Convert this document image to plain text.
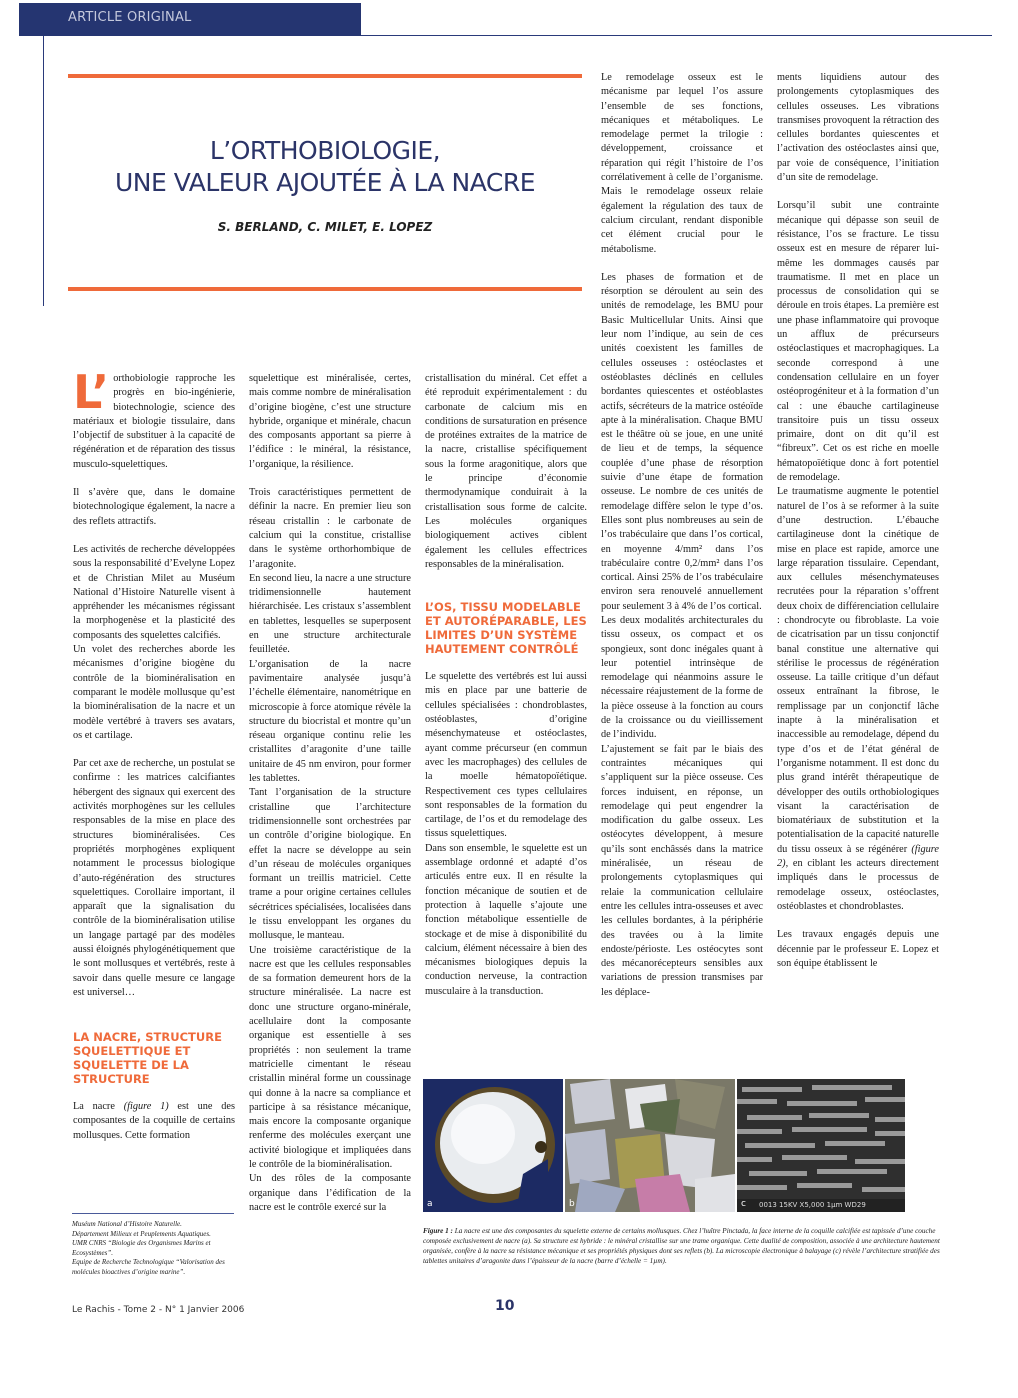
ARTICLE ORIGINAL
L’ORTHOBIOLOGIE,
UNE VALEUR AJOUTÉE À LA NACRE
S. BERLAND, C. MILET, E. LOPEZ

L’ orthobiologie rapproche les progrès en bio-ingénierie, biotechnologie, science des matériaux et biologie tissulaire, dans l’objectif de substituer à la capacité de régénération et de réparation des tissus musculo-squelettiques.

Il s’avère que, dans le domaine biotechnologique également, la nacre a des reflets attractifs.

Les activités de recherche développées sous la responsabilité d’Evelyne Lopez et de Christian Milet au Muséum National d’Histoire Naturelle visent à appréhender les mécanismes régissant la morphogenèse et la plasticité des composants des squelettes calcifiés.

Un volet des recherches aborde les mécanismes d’origine biogène du contrôle de la biominéralisation en comparant le modèle mollusque qu’est la biominéralisation de la nacre et un modèle vertébré à travers ses avatars, os et cartilage.

Par cet axe de recherche, un postulat se confirme : les matrices calcifiantes hébergent des signaux qui exercent des activités morphogènes sur les cellules responsables de la mise en place des structures biominéralisées. Ces propriétés morphogènes expliquent notamment le processus biologique d’auto-régénération des structures squelettiques. Corollaire important, il apparaît que la signalisation du contrôle de la biominéralisation utilise un langage partagé par des modèles aussi éloignés phylogénétiquement que le sont mollusques et vertébrés, reste à savoir dans quelle mesure ce langage est universel…

LA NACRE, STRUCTURE SQUELETTIQUE ET SQUELETTE DE LA STRUCTURE

La nacre (figure 1) est une des composantes de la coquille de certains mollusques. Cette formation

squelettique est minéralisée, certes, mais comme nombre de minéralisation d’origine biogène, c’est une structure hybride, organique et minérale, chacun des composants apportant sa pierre à l’édifice : le minéral, la résistance, l’organique, la résilience.

Trois caractéristiques permettent de définir la nacre. En premier lieu son réseau cristallin : le carbonate de calcium qui la constitue, cristallise dans le système orthorhombique de l’aragonite.

En second lieu, la nacre a une structure tridimensionnelle hautement hiérarchisée. Les cristaux s’assemblent en tablettes, lesquelles se superposent en une structure architecturale feuilletée.

L’organisation de la nacre pavimentaire analysée jusqu’à l’échelle élémentaire, nanométrique en microscopie à force atomique révèle la structure du biocristal et montre qu’un réseau organique continu relie les cristallites d’aragonite d’une taille unitaire de 45 nm environ, pour former les tablettes.

Tant l’organisation de la structure cristalline que l’architecture tridimensionnelle sont orchestrées par un contrôle d’origine biologique. En effet la nacre se développe au sein d’un réseau de molécules organiques formant un treillis matriciel. Cette trame a pour origine certaines cellules sécrétrices spécialisées, localisées dans le tissu enveloppant les organes du mollusque, le manteau.

Une troisième caractéristique de la nacre est que les cellules responsables de sa formation demeurent hors de la structure minéralisée. La nacre est donc une structure organo-minérale, acellulaire dont la composante organique est essentielle à ses propriétés : non seulement la trame matricielle cimentant le réseau cristallin minéral forme un coussinage qui donne à la nacre sa compliance et participe à sa résistance mécanique, mais encore la composante organique renferme des molécules exerçant une activité biologique et impliquées dans le contrôle de la biominéralisation.

Un des rôles de la composante organique dans l’édification de la nacre est le contrôle exercé sur la

cristallisation du minéral. Cet effet a été reproduit expérimentalement : du carbonate de calcium mis en conditions de sursaturation en présence de protéines extraites de la matrice de la nacre, cristallise spécifiquement sous la forme aragonitique, alors que le principe d’économie thermodynamique conduirait à la cristallisation sous forme de calcite. Les molécules organiques biologiquement actives ciblent également les cellules effectrices responsables de la minéralisation.

L’OS, TISSU MODELABLE ET AUTORÉPARABLE, LES LIMITES D’UN SYSTÈME HAUTEMENT CONTRÔLÉ

Le squelette des vertébrés est lui aussi mis en place par une batterie de cellules spécialisées : chondroblastes, ostéoblastes, d’origine mésenchymateuse et ostéoclastes, ayant comme précurseur (en commun avec les macrophages) des cellules de la moelle hématopoïétique. Respectivement ces types cellulaires sont responsables de la formation du cartilage, de l’os et du remodelage des tissus squelettiques.

Dans son ensemble, le squelette est un assemblage ordonné et adapté d’os articulés entre eux. Il en résulte la fonction mécanique de soutien et de protection à laquelle s’ajoute une fonction métabolique essentielle de stockage et de mise à disponibilité du calcium, élément nécessaire à bien des mécanismes biologiques depuis la conduction nerveuse, la contraction musculaire à la transduction.

Le remodelage osseux est le mécanisme par lequel l’os assure l’ensemble de ses fonctions, mécaniques et métaboliques. Le remodelage permet la trilogie : développement, croissance et réparation qui régit l’histoire de l’os corrélativement à celle de l’organisme. Mais le remodelage osseux relaie également la régulation des taux de calcium circulant, rendant disponible cet élément crucial pour le métabolisme.

Les phases de formation et de résorption se déroulent au sein des unités de remodelage, les BMU pour Basic Multicellular Units. Ainsi que leur nom l’indique, au sein de ces unités coexistent les familles de cellules osseuses : ostéoclastes et ostéoblastes déclinés en cellules bordantes quiescentes et ostéoblastes actifs, sécréteurs de la matrice ostéoïde apte à la minéralisation. Chaque BMU est le théâtre où se joue, en une unité de lieu et de temps, la séquence couplée d’une phase de résorption suivie d’une étape de formation osseuse. Le nombre de ces unités de remodelage diffère selon le type d’os. Elles sont plus nombreuses au sein de l’os trabéculaire que dans l’os cortical, en moyenne 4/mm² dans l’os trabéculaire contre 0,2/mm² dans l’os cortical. Ainsi 25% de l’os trabéculaire environ sera renouvelé annuellement pour seulement 3 à 4% de l’os cortical.

Les deux modalités architecturales du tissu osseux, os compact et os spongieux, sont donc inégales quant à leur potentiel intrinsèque de remodelage qui néanmoins assure le nécessaire réajustement de la forme de la pièce osseuse à la fonction au cours de la croissance ou du vieillissement de l’individu.

L’ajustement se fait par le biais des contraintes mécaniques qui s’appliquent sur la pièce osseuse. Ces forces induisent, en réponse, un remodelage qui peut engendrer la modification du galbe osseux. Les ostéocytes développent, à mesure qu’ils sont enchâssés dans la matrice minéralisée, un réseau de prolongements cytoplasmiques qui relaie la communication cellulaire entre les cellules intra-osseuses et avec les cellules bordantes, à la périphérie des travées ou à la limite endoste/périoste. Les ostéocytes sont des mécanorécepteurs sensibles aux variations de pression transmises par les déplace-

ments liquidiens autour des prolongements cytoplasmiques des cellules osseuses. Les vibrations transmises provoquent la rétraction des cellules bordantes quiescentes et l’activation des ostéoclastes ainsi que, par voie de conséquence, l’initiation d’un site de remodelage.

Lorsqu’il subit une contrainte mécanique qui dépasse son seuil de résistance, l’os se fracture. Le tissu osseux est en mesure de réparer lui-même les dommages causés par traumatisme. Il met en place un processus de consolidation qui se déroule en trois étapes. La première est une phase inflammatoire qui provoque un afflux de précurseurs ostéoclastiques et macrophagiques. La seconde correspond à une condensation cellulaire en un foyer ostéoprogéniteur et à la formation d’un cal : une ébauche cartilagineuse transitoire puis un tissu osseux primaire, dont on dit qu’il est “fibreux”. Cet os est riche en moelle hématopoïétique donc à fort potentiel de remodelage.

Le traumatisme augmente le potentiel naturel de l’os à se reformer à la suite d’une destruction. L’ébauche cartilagineuse dont la cinétique de mise en place est rapide, amorce une large réparation tissulaire. Cependant, aux cellules mésenchymateuses recrutées pour la réparation s’offrent deux choix de différenciation cellulaire : chondrocyte ou fibroblaste. La voie de cicatrisation par un tissu conjonctif banal constitue une alternative qui stérilise le processus de régénération osseuse. La taille critique d’un défaut osseux entraînant la fibrose, le remplissage par un conjonctif lâche inapte à la minéralisation et inaccessible au remodelage, dépend du type d’os et de l’état général de l’organisme notamment. Il est donc du plus grand intérêt thérapeutique de développer des outils orthobiologiques visant la caractérisation de biomatériaux de substitution et la potentialisation de la capacité naturelle du tissu osseux à se régénérer (figure 2), en ciblant les acteurs directement impliqués dans le processus de remodelage osseux, ostéoclastes, ostéoblastes et chondroblastes.

Les travaux engagés depuis une décennie par le professeur E. Lopez et son équipe établissent le

Muséum National d’Histoire Naturelle.
Département Milieux et Peuplements Aquatiques.
UMR CNRS “Biologie des Organismes Marins et Ecosystèmes”.
Equipe de Recherche Technologique “Valorisation des molécules bioactives d’origine marine”.
a	b	c 0013 15KV X5,000 1µm WD29
Figure 1 : La nacre est une des composantes du squelette externe de certains mollusques. Chez l’huître Pinctada, la face interne de la coquille calcifiée est tapissée d’une couche composée exclusivement de nacre (a). Sa structure est hybride : le minéral cristallise sur une trame organique. Cette dualité de composition, associée à une architecture hautement organisée, confère à la nacre sa résistance mécanique et ses propriétés physiques dont ses reflets (b). La microscopie électronique à balayage (c) révèle l’architecture stratifiée des tablettes unitaires d’aragonite dans l’épaisseur de la nacre (barre d’échelle = 1µm).
Le Rachis - Tome 2 - N° 1 Janvier 2006	10
